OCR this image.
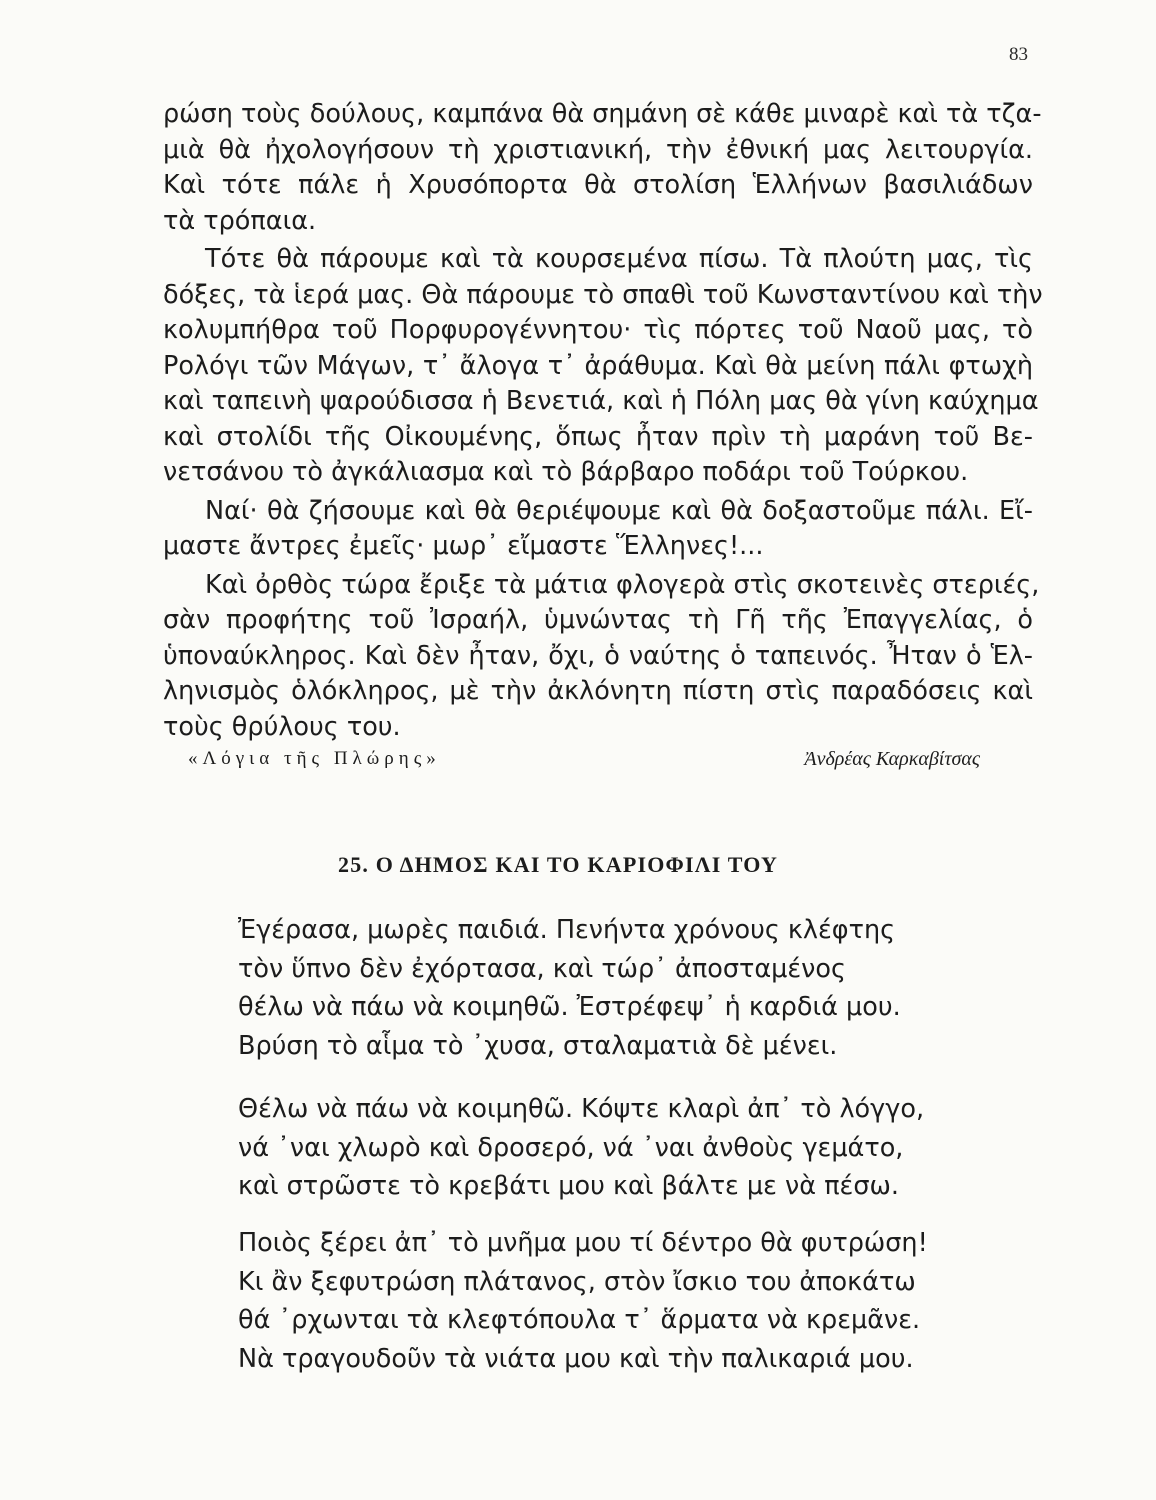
83

ρώση τοὺς δούλους, καμπάνα θὰ σημάνη σὲ κάθε μιναρὲ καὶ τὰ τζα-
μιὰ θὰ ἠχολογήσουν τὴ χριστιανική, τὴν ἐθνική μας λειτουργία.
Καὶ τότε πάλε ἡ Χρυσόπορτα θὰ στολίση Ἑλλήνων βασιλιάδων
τὰ τρόπαια.

Τότε θὰ πάρουμε καὶ τὰ κουρσεμένα πίσω. Τὰ πλούτη μας, τὶς
δόξες, τὰ ἱερά μας. Θὰ πάρουμε τὸ σπαθὶ τοῦ Κωνσταντίνου καὶ τὴν
κολυμπήθρα τοῦ Πορφυρογέννητου· τὶς πόρτες τοῦ Ναοῦ μας, τὸ
Ρολόγι τῶν Μάγων, τ᾿ ἄλογα τ᾿ ἀράθυμα. Καὶ θὰ μείνη πάλι φτωχὴ
καὶ ταπεινὴ ψαρούδισσα ἡ Βενετιά, καὶ ἡ Πόλη μας θὰ γίνη καύχημα
καὶ στολίδι τῆς Οἰκουμένης, ὅπως ἦταν πρὶν τὴ μαράνη τοῦ Βε-
νετσάνου τὸ ἀγκάλιασμα καὶ τὸ βάρβαρο ποδάρι τοῦ Τούρκου.

Ναί· θὰ ζήσουμε καὶ θὰ θεριέψουμε καὶ θὰ δοξαστοῦμε πάλι. Εἴ-
μαστε ἄντρες ἐμεῖς· μωρ᾿ εἴμαστε Ἕλληνες!...

Καὶ ὀρθὸς τώρα ἔριξε τὰ μάτια φλογερὰ στὶς σκοτεινὲς στεριές,
σὰν προφήτης τοῦ Ἰσραήλ, ὑμνώντας τὴ Γῆ τῆς Ἐπαγγελίας, ὁ
ὑποναύκληρος. Καὶ δὲν ἦταν, ὄχι, ὁ ναύτης ὁ ταπεινός. Ἦταν ὁ Ἑλ-
ληνισμὸς ὁλόκληρος, μὲ τὴν ἀκλόνητη πίστη στὶς παραδόσεις καὶ
τοὺς θρύλους του.

«Λόγια τῆς Πλώρης»	Ἀνδρέας Καρκαβίτσας
25. Ο ΔΗΜΟΣ ΚΑΙ ΤΟ ΚΑΡΙΟΦΙΛΙ ΤΟΥ
Ἐγέρασα, μωρὲς παιδιά. Πενήντα χρόνους κλέφτης
τὸν ὕπνο δὲν ἐχόρτασα, καὶ τώρ᾿ ἀποσταμένος
θέλω νὰ πάω νὰ κοιμηθῶ. Ἐστρέφεψ᾿ ἡ καρδιά μου.
Βρύση τὸ αἷμα τὸ ᾿χυσα, σταλαματιὰ δὲ μένει.
Θέλω νὰ πάω νὰ κοιμηθῶ. Κόψτε κλαρὶ ἀπ᾿ τὸ λόγγο,
νά ᾿ναι χλωρὸ καὶ δροσερό, νά ᾿ναι ἀνθοὺς γεμάτο,
καὶ στρῶστε τὸ κρεβάτι μου καὶ βάλτε με νὰ πέσω.
Ποιὸς ξέρει ἀπ᾿ τὸ μνῆμα μου τί δέντρο θὰ φυτρώση!
Κι ἂν ξεφυτρώση πλάτανος, στὸν ἴσκιο του ἀποκάτω
θά ᾿ρχωνται τὰ κλεφτόπουλα τ᾿ ἅρματα νὰ κρεμᾶνε.
Νὰ τραγουδοῦν τὰ νιάτα μου καὶ τὴν παλικαριά μου.
